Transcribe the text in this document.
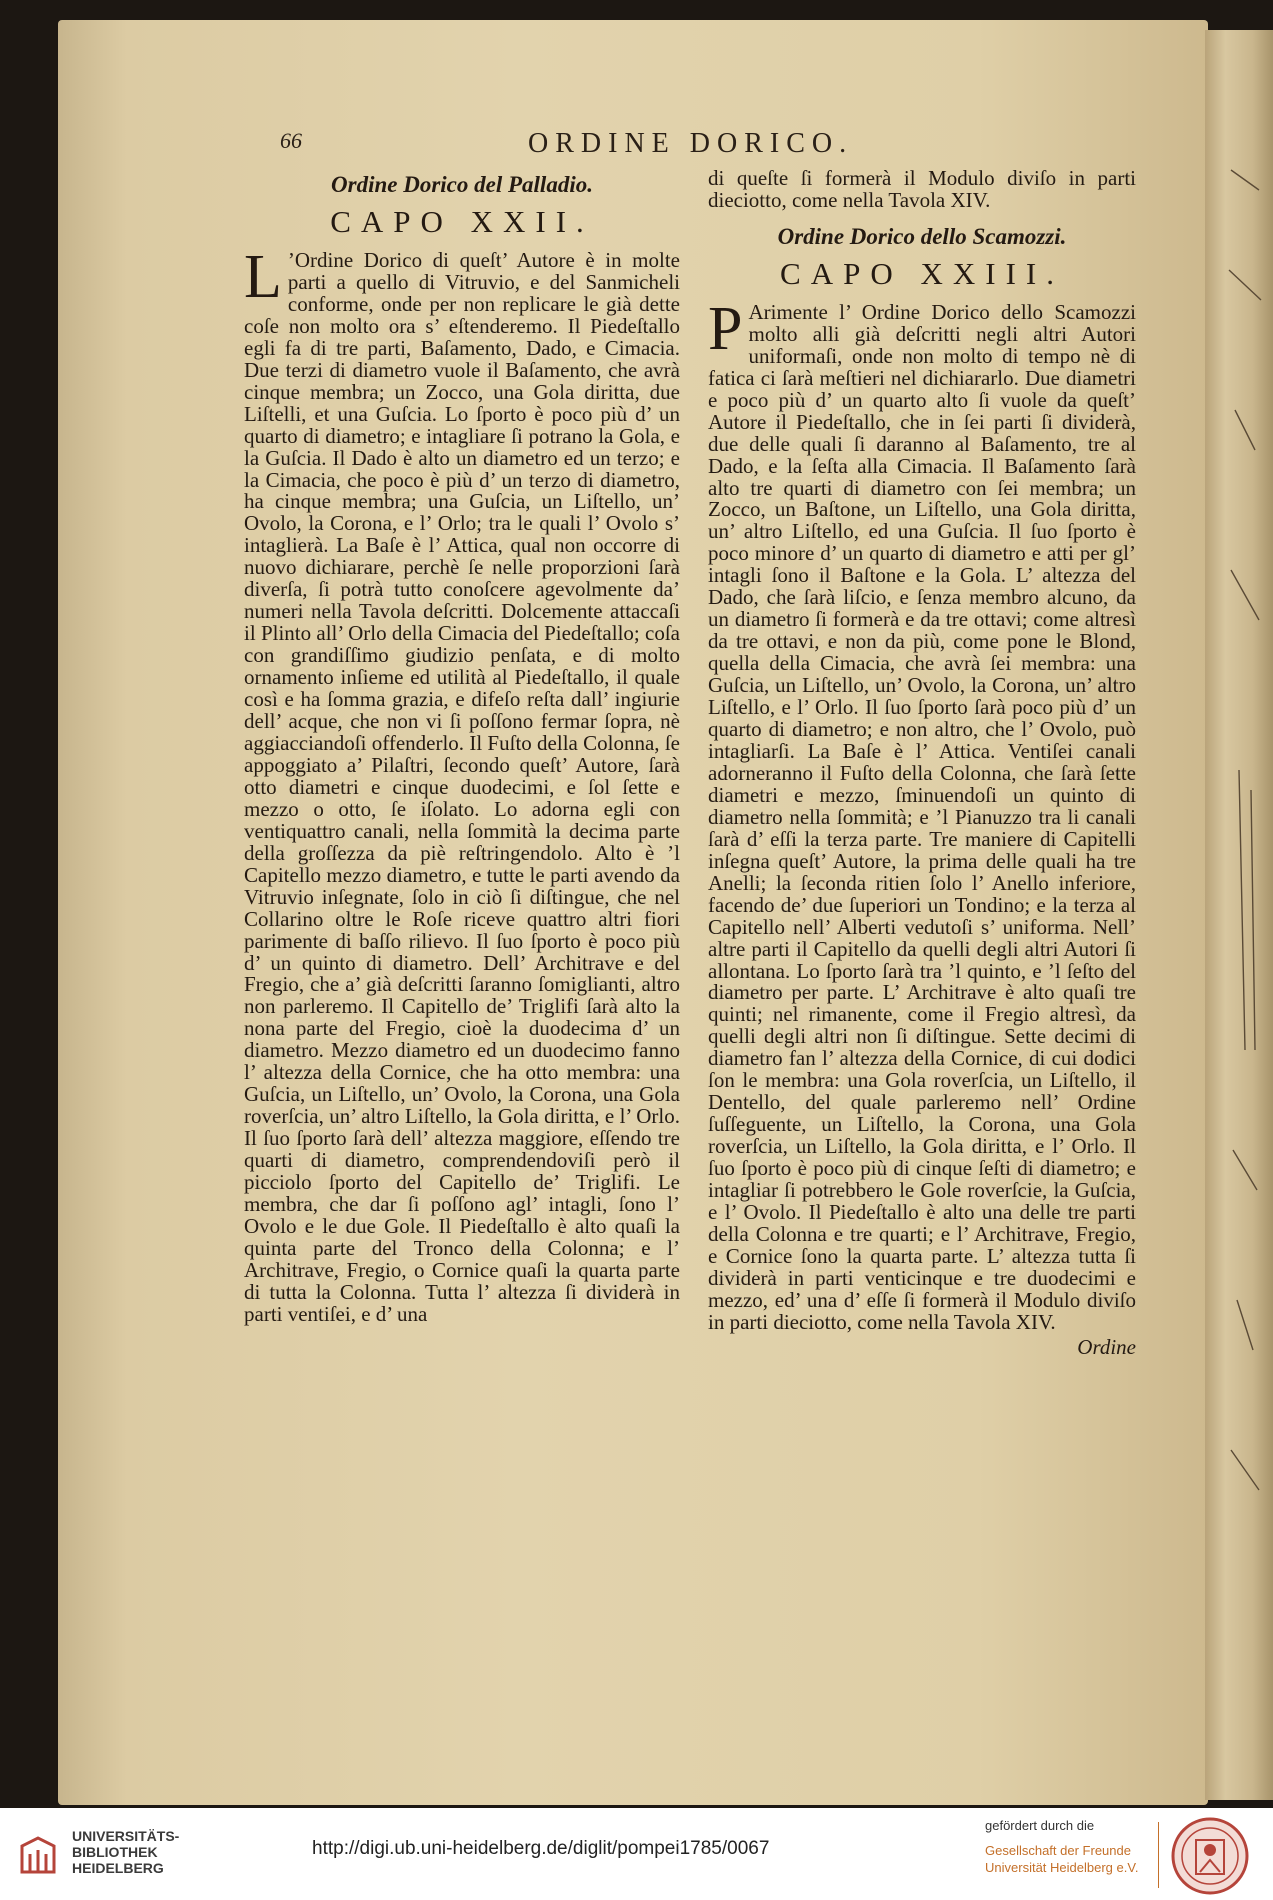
66	ORDINE DORICO.
Ordine Dorico del Palladio.
CAPO XXII.
L ’Ordine Dorico di queſt’ Autore è in molte parti a quello di Vitruvio, e del Sanmicheli conforme, onde per non replicare le già dette coſe non molto ora s’ eſtenderemo. Il Piedeſtallo egli fa di tre parti, Baſamento, Dado, e Cimacia. Due terzi di diametro vuole il Baſamento, che avrà cinque membra; un Zocco, una Gola diritta, due Liſtelli, et una Guſcia. Lo ſporto è poco più d’ un quarto di diametro; e intagliare ſi potrano la Gola, e la Guſcia. Il Dado è alto un diametro ed un terzo; e la Cimacia, che poco è più d’ un terzo di diametro, ha cinque membra; una Guſcia, un Liſtello, un’ Ovolo, la Corona, e l’ Orlo; tra le quali l’ Ovolo s’ intaglierà. La Baſe è l’ Attica, qual non occorre di nuovo dichiarare, perchè ſe nelle proporzioni ſarà diverſa, ſi potrà tutto conoſcere agevolmente da’ numeri nella Tavola deſcritti. Dolcemente attaccaſi il Plinto all’ Orlo della Cimacia del Piedeſtallo; coſa con grandiſſimo giudizio penſata, e di molto ornamento inſieme ed utilità al Piedeſtallo, il quale così e ha ſomma grazia, e difeſo reſta dall’ ingiurie dell’ acque, che non vi ſi poſſono fermar ſopra, nè aggiacciandoſi offenderlo. Il Fuſto della Colonna, ſe appoggiato a’ Pilaſtri, ſecondo queſt’ Autore, ſarà otto diametri e cinque duodecimi, e ſol ſette e mezzo o otto, ſe iſolato. Lo adorna egli con ventiquattro canali, nella ſommità la decima parte della groſſezza da piè reſtringendolo. Alto è ’l Capitello mezzo diametro, e tutte le parti avendo da Vitruvio inſegnate, ſolo in ciò ſi diſtingue, che nel Collarino oltre le Roſe riceve quattro altri fiori parimente di baſſo rilievo. Il ſuo ſporto è poco più d’ un quinto di diametro. Dell’ Architrave e del Fregio, che a’ già deſcritti ſaranno ſomiglianti, altro non parleremo. Il Capitello de’ Triglifi ſarà alto la nona parte del Fregio, cioè la duodecima d’ un diametro. Mezzo diametro ed un duodecimo fanno l’ altezza della Cornice, che ha otto membra: una Guſcia, un Liſtello, un’ Ovolo, la Corona, una Gola roverſcia, un’ altro Liſtello, la Gola diritta, e l’ Orlo. Il ſuo ſporto ſarà dell’ altezza maggiore, eſſendo tre quarti di diametro, comprendendoviſi però il picciolo ſporto del Capitello de’ Triglifi. Le membra, che dar ſi poſſono agl’ intagli, ſono l’ Ovolo e le due Gole. Il Piedeſtallo è alto quaſi la quinta parte del Tronco della Colonna; e l’ Architrave, Fregio, o Cornice quaſi la quarta parte di tutta la Colonna. Tutta l’ altezza ſi dividerà in parti ventiſei, e d’ una
di queſte ſi formerà il Modulo diviſo in parti dieciotto, come nella Tavola XIV.
Ordine Dorico dello Scamozzi.
CAPO XXIII.
P Arimente l’ Ordine Dorico dello Scamozzi molto alli già deſcritti negli altri Autori uniformaſi, onde non molto di tempo nè di fatica ci ſarà meſtieri nel dichiararlo. Due diametri e poco più d’ un quarto alto ſi vuole da queſt’ Autore il Piedeſtallo, che in ſei parti ſi dividerà, due delle quali ſi daranno al Baſamento, tre al Dado, e la ſeſta alla Cimacia. Il Baſamento ſarà alto tre quarti di diametro con ſei membra; un Zocco, un Baſtone, un Liſtello, una Gola diritta, un’ altro Liſtello, ed una Guſcia. Il ſuo ſporto è poco minore d’ un quarto di diametro e atti per gl’ intagli ſono il Baſtone e la Gola. L’ altezza del Dado, che ſarà liſcio, e ſenza membro alcuno, da un diametro ſi formerà e da tre ottavi; come altresì da tre ottavi, e non da più, come pone le Blond, quella della Cimacia, che avrà ſei membra: una Guſcia, un Liſtello, un’ Ovolo, la Corona, un’ altro Liſtello, e l’ Orlo. Il ſuo ſporto ſarà poco più d’ un quarto di diametro; e non altro, che l’ Ovolo, può intagliarſi. La Baſe è l’ Attica. Ventiſei canali adorneranno il Fuſto della Colonna, che ſarà ſette diametri e mezzo, ſminuendoſi un quinto di diametro nella ſommità; e ’l Pianuzzo tra li canali ſarà d’ eſſi la terza parte. Tre maniere di Capitelli inſegna queſt’ Autore, la prima delle quali ha tre Anelli; la ſeconda ritien ſolo l’ Anello inferiore, facendo de’ due ſuperiori un Tondino; e la terza al Capitello nell’ Alberti vedutoſi s’ uniforma. Nell’ altre parti il Capitello da quelli degli altri Autori ſi allontana. Lo ſporto ſarà tra ’l quinto, e ’l ſeſto del diametro per parte. L’ Architrave è alto quaſi tre quinti; nel rimanente, come il Fregio altresì, da quelli degli altri non ſi diſtingue. Sette decimi di diametro fan l’ altezza della Cornice, di cui dodici ſon le membra: una Gola roverſcia, un Liſtello, il Dentello, del quale parleremo nell’ Ordine ſuſſeguente, un Liſtello, la Corona, una Gola roverſcia, un Liſtello, la Gola diritta, e l’ Orlo. Il ſuo ſporto è poco più di cinque ſeſti di diametro; e intagliar ſi potrebbero le Gole roverſcie, la Guſcia, e l’ Ovolo. Il Piedeſtallo è alto una delle tre parti della Colonna e tre quarti; e l’ Architrave, Fregio, e Cornice ſono la quarta parte. L’ altezza tutta ſi dividerà in parti venticinque e tre duodecimi e mezzo, ed’ una d’ eſſe ſi formerà il Modulo diviſo in parti dieciotto, come nella Tavola XIV.
Ordine
UNIVERSITÄTS-
BIBLIOTHEK
HEIDELBERG
http://digi.ub.uni-heidelberg.de/diglit/pompei1785/0067
gefördert durch die
Gesellschaft der Freunde
Universität Heidelberg e.V.
